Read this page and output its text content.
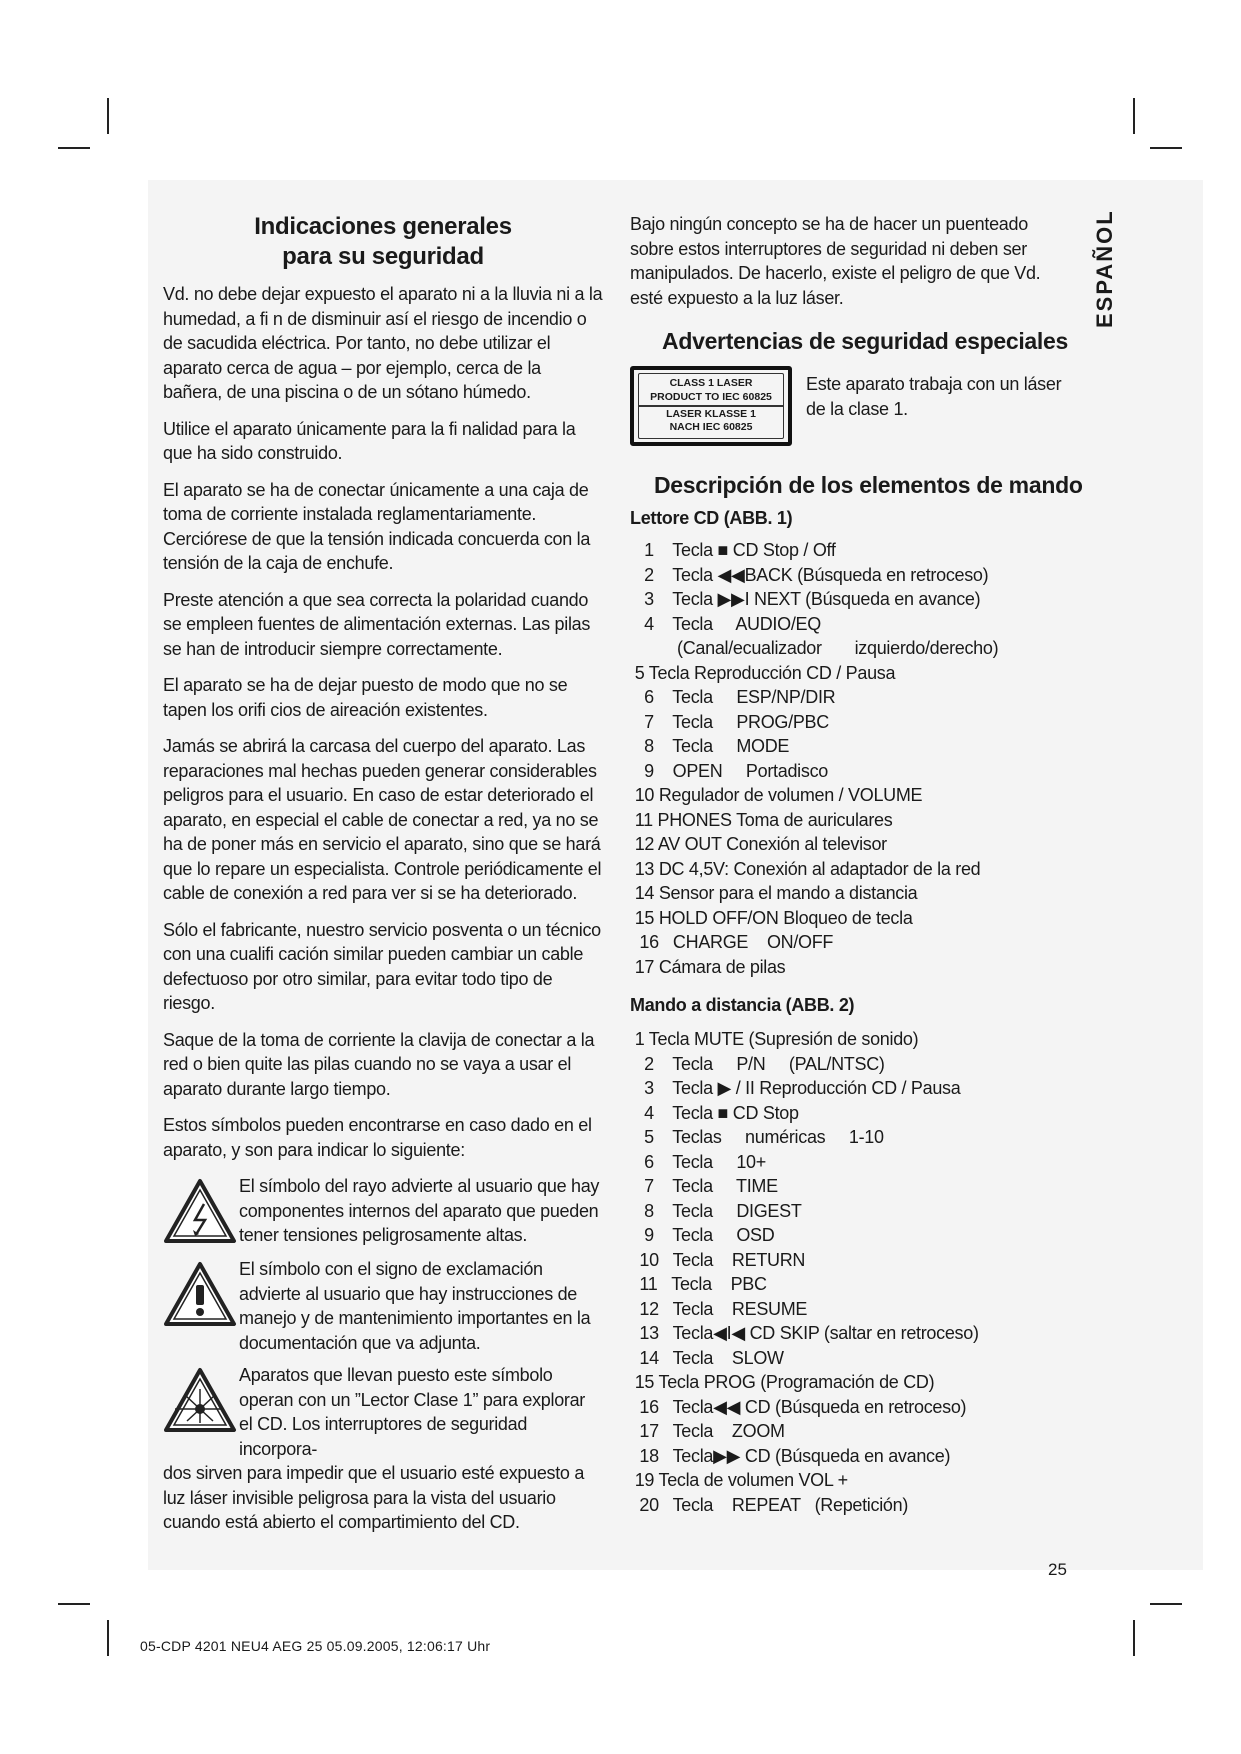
Indicaciones generales
para su seguridad

Vd. no debe dejar expuesto el aparato ni a la lluvia ni a la humedad, a fi n de disminuir así el riesgo de incendio o de sacudida eléctrica. Por tanto, no debe utilizar el aparato cerca de agua – por ejemplo, cerca de la bañera, de una piscina o de un sótano húmedo.

Utilice el aparato únicamente para la fi nalidad para la que ha sido construido.

El aparato se ha de conectar únicamente a una caja de toma de corriente instalada reglamentariamente. Cerciórese de que la tensión indicada concuerda con la tensión de la caja de enchufe.

Preste atención a que sea correcta la polaridad cuando se empleen fuentes de alimentación externas. Las pilas se han de introducir siempre correctamente.

El aparato se ha de dejar puesto de modo que no se tapen los orifi cios de aireación existentes.

Jamás se abrirá la carcasa del cuerpo del aparato. Las reparaciones mal hechas pueden generar considerables peligros para el usuario. En caso de estar deteriorado el aparato, en especial el cable de conectar a red, ya no se ha de poner más en servicio el aparato, sino que se hará que lo repare un especialista. Controle periódicamente el cable de conexión a red para ver si se ha deteriorado.

Sólo el fabricante, nuestro servicio posventa o un técnico con una cualifi cación similar pueden cambiar un cable defectuoso por otro similar, para evitar todo tipo de riesgo.

Saque de la toma de corriente la clavija de conectar a la red o bien quite las pilas cuando no se vaya a usar el aparato durante largo tiempo.

Estos símbolos pueden encontrarse en caso dado en el aparato, y son para indicar lo siguiente:

El símbolo del rayo advierte al usuario que hay componentes internos del aparato que pueden tener tensiones peligrosamente altas.
El símbolo con el signo de exclamación advierte al usuario que hay instrucciones de manejo y de mantenimiento importantes en la documentación que va adjunta.
Aparatos que llevan puesto este símbolo operan con un ”Lector Clase 1” para explorar el CD. Los interruptores de seguridad incorpora-
dos sirven para impedir que el usuario esté expuesto a luz láser invisible peligrosa para la vista del usuario cuando está abierto el compartimiento del CD.

Bajo ningún concepto se ha de hacer un puenteado sobre estos interruptores de seguridad ni deben ser manipulados. De hacerlo, existe el peligro de que Vd. esté expuesto a la luz láser.

Advertencias de seguridad especiales
CLASS 1 LASER
PRODUCT TO IEC 60825
LASER KLASSE 1
NACH IEC 60825
Este aparato trabaja con un láser de la clase 1.
Descripción de los elementos de mando

Lettore CD (ABB. 1)

1    Tecla ■ CD Stop / Off
2    Tecla ◀◀BACK (Búsqueda en retroceso)
3    Tecla ▶▶I NEXT (Búsqueda en avance)
4    Tecla     AUDIO/EQ
(Canal/ecualizador       izquierdo/derecho)
5 Tecla Reproducción CD / Pausa
6    Tecla     ESP/NP/DIR
7    Tecla     PROG/PBC
8    Tecla     MODE
9    OPEN     Portadisco
10 Regulador de volumen / VOLUME
11 PHONES Toma de auriculares
12 AV OUT Conexión al televisor
13 DC 4,5V: Conexión al adaptador de la red
14 Sensor para el mando a distancia
15 HOLD OFF/ON Bloqueo de tecla
16   CHARGE    ON/OFF
17 Cámara de pilas

Mando a distancia (ABB. 2)

1 Tecla MUTE (Supresión de sonido)
2    Tecla     P/N     (PAL/NTSC)
3    Tecla ▶ / II Reproducción CD / Pausa
4    Tecla ■ CD Stop
5    Teclas     numéricas     1-10
6    Tecla     10+
7    Tecla     TIME
8    Tecla     DIGEST
9    Tecla     OSD
10   Tecla    RETURN
11   Tecla    PBC
12   Tecla    RESUME
13   Tecla◀I◀ CD SKIP (saltar en retroceso)
14   Tecla    SLOW
15 Tecla PROG (Programación de CD)
16   Tecla◀◀ CD (Búsqueda en retroceso)
17   Tecla    ZOOM
18   Tecla▶▶ CD (Búsqueda en avance)
19 Tecla de volumen VOL +
20   Tecla    REPEAT   (Repetición)
ESPAÑOL
25
05-CDP 4201 NEU4 AEG 25 05.09.2005, 12:06:17 Uhr
